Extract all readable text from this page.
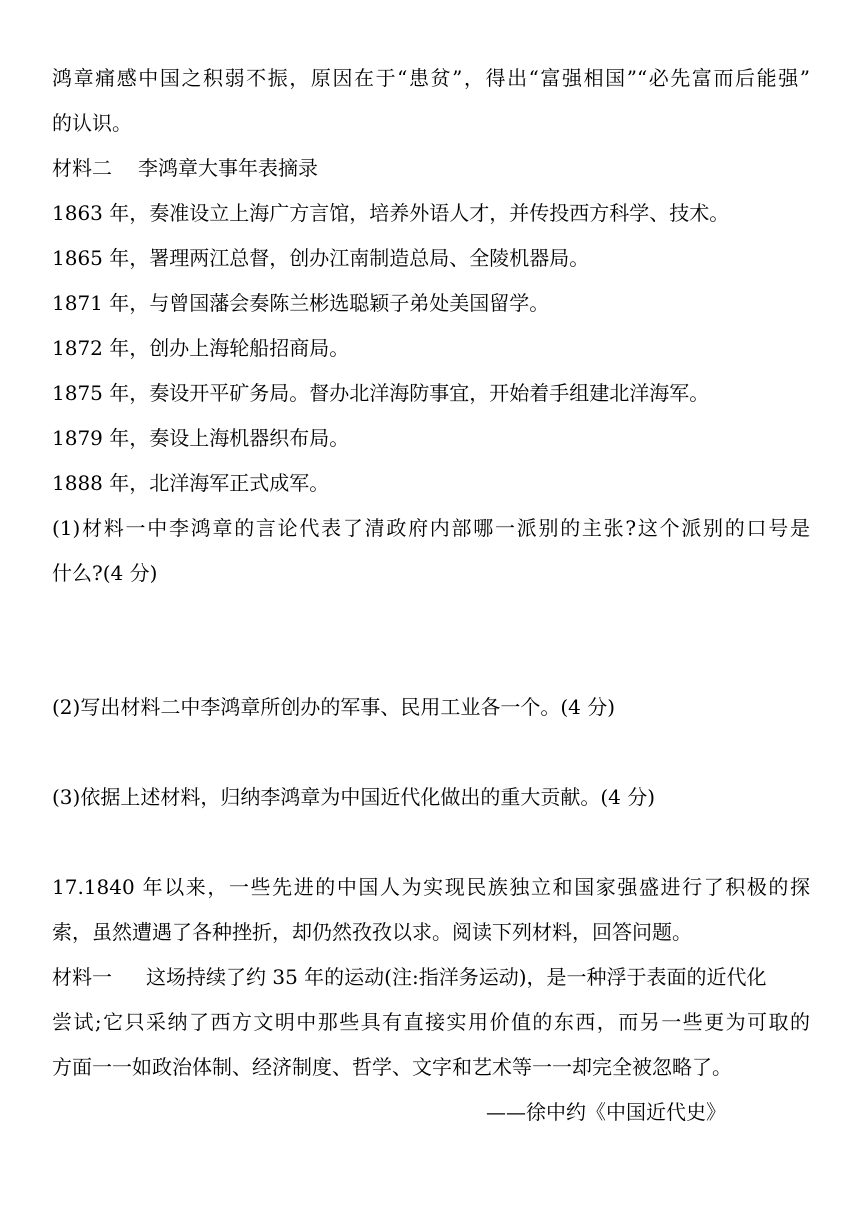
鸿章痛感中国之积弱不振，原因在于“患贫”，得出“富强相国”“必先富而后能强”
的认识。
材料二 李鸿章大事年表摘录
1863 年，奏准设立上海广方言馆，培养外语人才，并传投西方科学、技术。
1865 年，署理两江总督，创办江南制造总局、全陵机器局。
1871 年，与曾国藩会奏陈兰彬选聪颖子弟处美国留学。
1872 年，创办上海轮船招商局。
1875 年，奏设开平矿务局。督办北洋海防事宜，开始着手组建北洋海军。
1879 年，奏设上海机器织布局。
1888 年，北洋海军正式成军。
(1)材料一中李鸿章的言论代表了清政府内部哪一派别的主张?这个派别的口号是
什么?(4 分)
(2)写出材料二中李鸿章所创办的军事、民用工业各一个。(4 分)
(3)依据上述材料，归纳李鸿章为中国近代化做出的重大贡献。(4 分)
17.1840 年以来，一些先进的中国人为实现民族独立和国家强盛进行了积极的探
索，虽然遭遇了各种挫折，却仍然孜孜以求。阅读下列材料，回答问题。
材料一 这场持续了约 35 年的运动(注:指洋务运动)，是一种浮于表面的近代化
尝试;它只采纳了西方文明中那些具有直接实用价值的东西，而另一些更为可取的
方面一一如政治体制、经济制度、哲学、文字和艺术等一一却完全被忽略了。
——徐中约《中国近代史》
